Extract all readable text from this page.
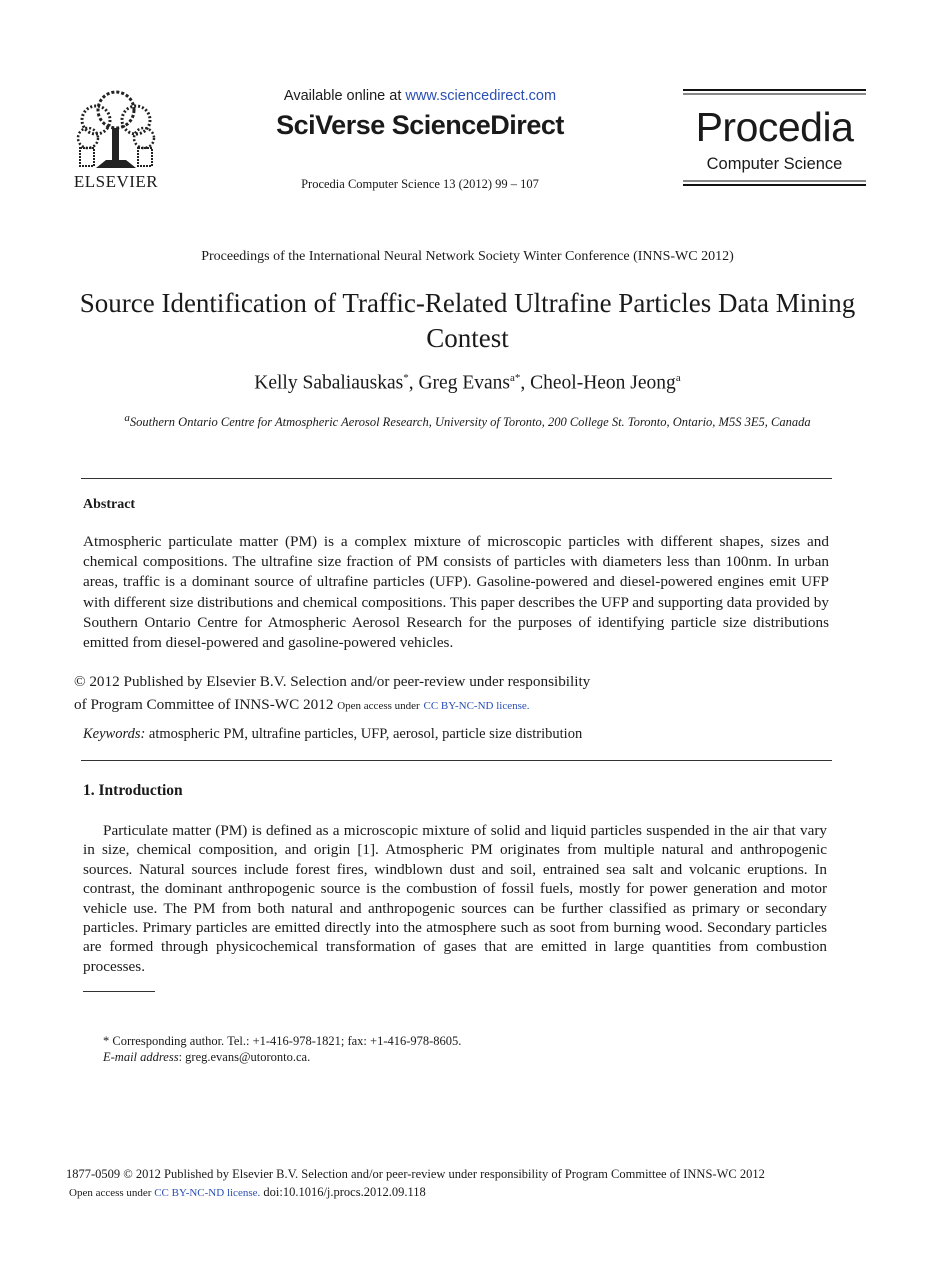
ELSEVIER
Available online at www.sciencedirect.com
SciVerse ScienceDirect
Procedia Computer Science 13 (2012) 99 – 107
Procedia
Computer Science
Proceedings of the International Neural Network Society Winter Conference (INNS-WC 2012)
Source Identification of Traffic-Related Ultrafine Particles Data Mining Contest
Kelly Sabaliauskas*, Greg Evans$^{a*}$, Cheol-Heon Jeong$^a$
$^a$Southern Ontario Centre for Atmospheric Aerosol Research, University of Toronto, 200 College St. Toronto, Ontario, M5S 3E5, Canada
Abstract
Atmospheric particulate matter (PM) is a complex mixture of microscopic particles with different shapes, sizes and chemical compositions. The ultrafine size fraction of PM consists of particles with diameters less than 100nm. In urban areas, traffic is a dominant source of ultrafine particles (UFP). Gasoline-powered and diesel-powered engines emit UFP with different size distributions and chemical compositions. This paper describes the UFP and supporting data provided by Southern Ontario Centre for Atmospheric Aerosol Research for the purposes of identifying particle size distributions emitted from diesel-powered and gasoline-powered vehicles.
© 2012 Published by Elsevier B.V. Selection and/or peer-review under responsibility
of Program Committee of INNS-WC 2012 Open access under CC BY-NC-ND license.
Keywords: atmospheric PM, ultrafine particles, UFP, aerosol, particle size distribution
1. Introduction
Particulate matter (PM) is defined as a microscopic mixture of solid and liquid particles suspended in the air that vary in size, chemical composition, and origin [1]. Atmospheric PM originates from multiple natural and anthropogenic sources. Natural sources include forest fires, windblown dust and soil, entrained sea salt and volcanic eruptions. In contrast, the dominant anthropogenic source is the combustion of fossil fuels, mostly for power generation and motor vehicle use. The PM from both natural and anthropogenic sources can be further classified as primary or secondary particles. Primary particles are emitted directly into the atmosphere such as soot from burning wood. Secondary particles are formed through physicochemical transformation of gases that are emitted in large quantities from combustion processes.
* Corresponding author. Tel.: +1-416-978-1821; fax: +1-416-978-8605.
E-mail address: greg.evans@utoronto.ca.
1877-0509 © 2012 Published by Elsevier B.V. Selection and/or peer-review under responsibility of Program Committee of INNS-WC 2012
Open access under CC BY-NC-ND license. doi:10.1016/j.procs.2012.09.118
